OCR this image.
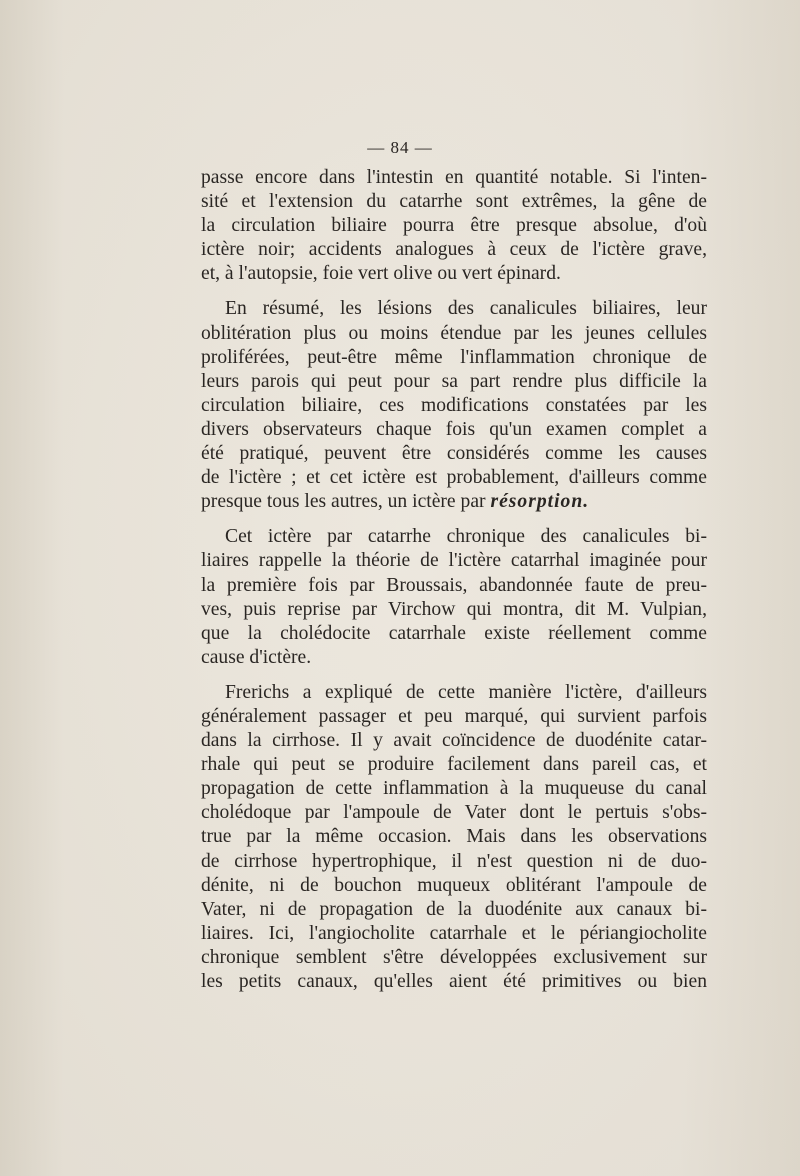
— 84 —

passe encore dans l'intestin en quantité notable. Si l'inten-
sité et l'extension du catarrhe sont extrêmes, la gêne de
la circulation biliaire pourra être presque absolue, d'où
ictère noir; accidents analogues à ceux de l'ictère grave,
et, à l'autopsie, foie vert olive ou vert épinard.

En résumé, les lésions des canalicules biliaires, leur
oblitération plus ou moins étendue par les jeunes cellules
proliférées, peut-être même l'inflammation chronique de
leurs parois qui peut pour sa part rendre plus difficile la
circulation biliaire, ces modifications constatées par les
divers observateurs chaque fois qu'un examen complet a
été pratiqué, peuvent être considérés comme les causes
de l'ictère ; et cet ictère est probablement, d'ailleurs comme
presque tous les autres, un ictère par résorption.

Cet ictère par catarrhe chronique des canalicules bi-
liaires rappelle la théorie de l'ictère catarrhal imaginée pour
la première fois par Broussais, abandonnée faute de preu-
ves, puis reprise par Virchow qui montra, dit M. Vulpian,
que la cholédocite catarrhale existe réellement comme
cause d'ictère.

Frerichs a expliqué de cette manière l'ictère, d'ailleurs
généralement passager et peu marqué, qui survient parfois
dans la cirrhose. Il y avait coïncidence de duodénite catar-
rhale qui peut se produire facilement dans pareil cas, et
propagation de cette inflammation à la muqueuse du canal
cholédoque par l'ampoule de Vater dont le pertuis s'obs-
true par la même occasion. Mais dans les observations
de cirrhose hypertrophique, il n'est question ni de duo-
dénite, ni de bouchon muqueux oblitérant l'ampoule de
Vater, ni de propagation de la duodénite aux canaux bi-
liaires. Ici, l'angiocholite catarrhale et le périangiocholite
chronique semblent s'être développées exclusivement sur
les petits canaux, qu'elles aient été primitives ou bien
